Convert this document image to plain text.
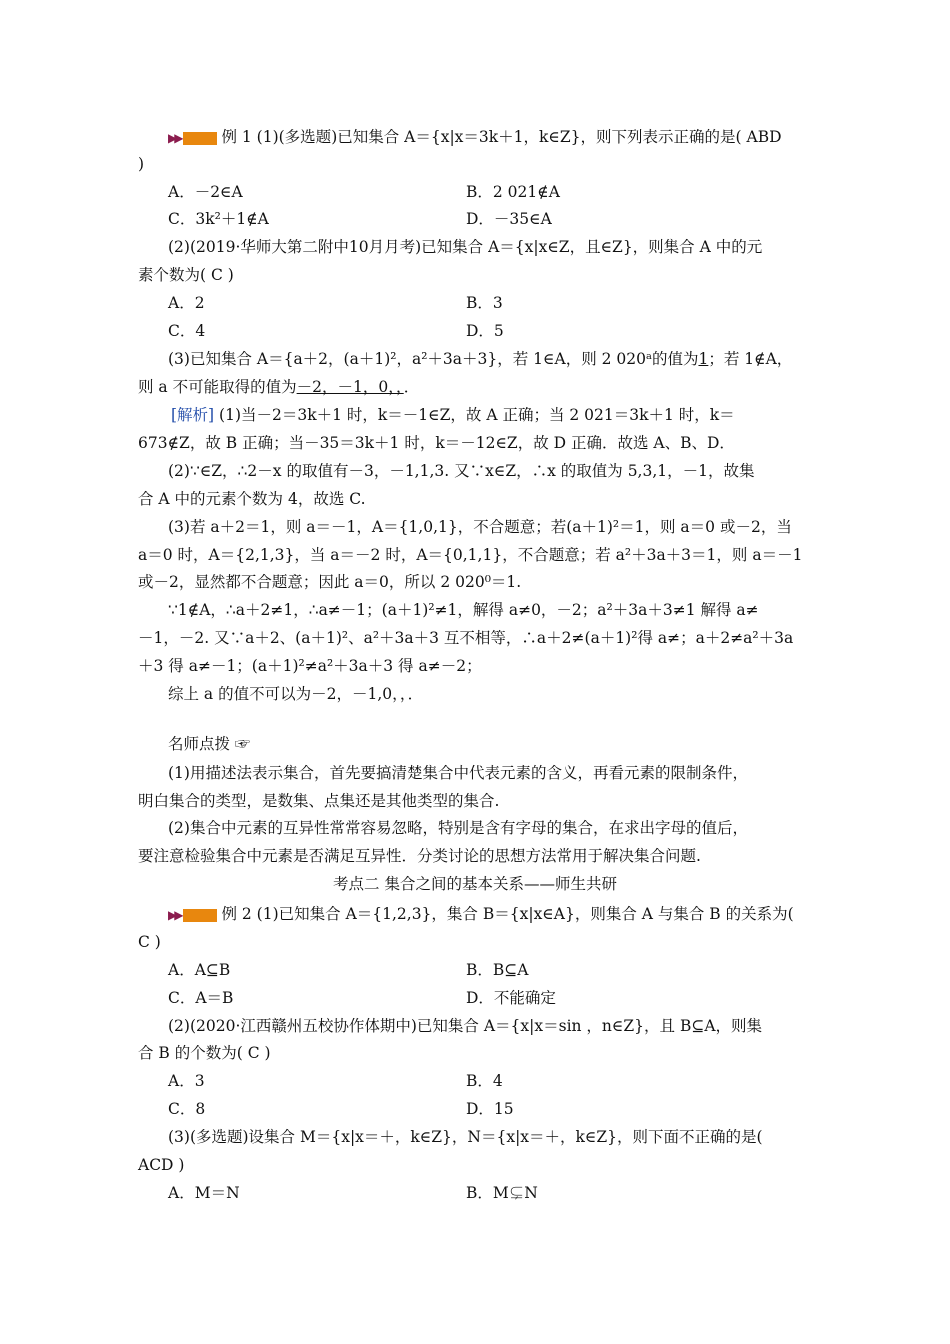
▶▶	例 1 (1)(多选题)已知集合 A＝{x|x＝3k＋1，k∈Z}，则下列表示正确的是( ABD
)
A．－2∈A	B．2 021∉A
C．3k²＋1∉A	D．－35∈A
(2)(2019·华师大第二附中10月月考)已知集合 A＝{x|x∈Z，且∈Z}，则集合 A 中的元
素个数为( C )
A．2	B．3
C．4	D．5
(3)已知集合 A＝{a＋2，(a＋1)²，a²＋3a＋3}，若 1∈A，则 2 020ᵃ的值为1；若 1∉A，
则 a 不可能取得的值为－2，－1，0，，．
[解析] (1)当－2＝3k＋1 时，k＝－1∈Z，故 A 正确；当 2 021＝3k＋1 时，k＝
673∉Z，故 B 正确；当－35＝3k＋1 时，k＝－12∈Z，故 D 正确．故选 A、B、D．
(2)∵∈Z，∴2－x 的取值有－3，－1,1,3. 又∵x∈Z，∴x 的取值为 5,3,1，－1，故集
合 A 中的元素个数为 4，故选 C.
(3)若 a＋2＝1，则 a＝－1，A＝{1,0,1}，不合题意；若(a＋1)²＝1，则 a＝0 或－2，当
a＝0 时，A＝{2,1,3}，当 a＝－2 时，A＝{0,1,1}，不合题意；若 a²＋3a＋3＝1，则 a＝－1
或－2，显然都不合题意；因此 a＝0，所以 2 020⁰＝1.
∵1∉A，∴a＋2≠1，∴a≠－1；(a＋1)²≠1，解得 a≠0，－2；a²＋3a＋3≠1 解得 a≠
－1，－2. 又∵a＋2、(a＋1)²、a²＋3a＋3 互不相等，∴a＋2≠(a＋1)²得 a≠；a＋2≠a²＋3a
＋3 得 a≠－1；(a＋1)²≠a²＋3a＋3 得 a≠－2；
综上 a 的值不可以为－2，－1,0，，．
名师点拨 ☞
(1)用描述法表示集合，首先要搞清楚集合中代表元素的含义，再看元素的限制条件，
明白集合的类型，是数集、点集还是其他类型的集合.
(2)集合中元素的互异性常常容易忽略，特别是含有字母的集合，在求出字母的值后，
要注意检验集合中元素是否满足互异性．分类讨论的思想方法常用于解决集合问题.
考点二 集合之间的基本关系——师生共研
▶▶	例 2 (1)已知集合 A＝{1,2,3}，集合 B＝{x|x∈A}，则集合 A 与集合 B 的关系为(
C )
A．A⊆B	B．B⊆A
C．A＝B	D．不能确定
(2)(2020·江西赣州五校协作体期中)已知集合 A＝{x|x＝sin ，n∈Z}，且 B⊆A，则集
合 B 的个数为( C )
A．3	B．4
C．8	D．15
(3)(多选题)设集合 M＝{x|x＝＋，k∈Z}，N＝{x|x＝＋，k∈Z}，则下面不正确的是(
ACD )
A．M＝N	B．M⊊N
